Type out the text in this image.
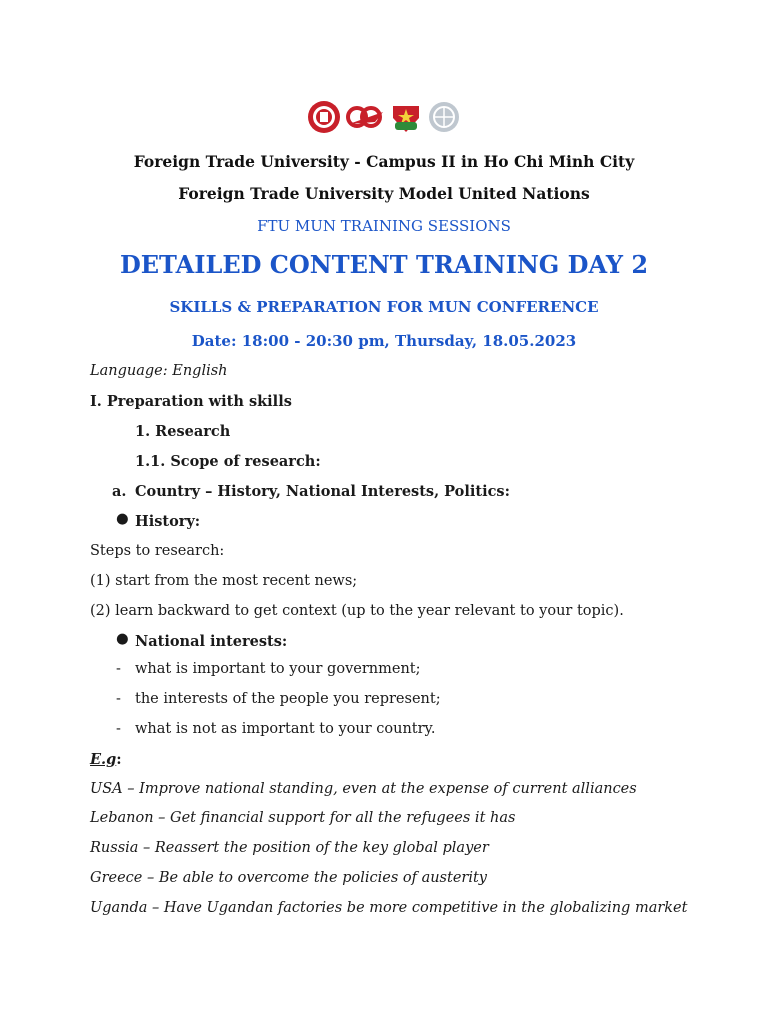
Foreign Trade University - Campus II in Ho Chi Minh City
Foreign Trade University Model United Nations
FTU MUN TRAINING SESSIONS
DETAILED CONTENT TRAINING DAY 2
SKILLS & PREPARATION FOR MUN CONFERENCE
Date: 18:00 - 20:30 pm, Thursday, 18.05.2023
Language: English
I. Preparation with skills
1. Research
1.1. Scope of research:
a. Country – History, National Interests, Politics:
● History:
Steps to research:
(1) start from the most recent news;
(2) learn backward to get context (up to the year relevant to your topic).
● National interests:
- what is important to your government;
- the interests of the people you represent;
- what is not as important to your country.
E.g:
USA – Improve national standing, even at the expense of current alliances
Lebanon – Get financial support for all the refugees it has
Russia – Reassert the position of the key global player
Greece – Be able to overcome the policies of austerity
Uganda – Have Ugandan factories be more competitive in the globalizing market
